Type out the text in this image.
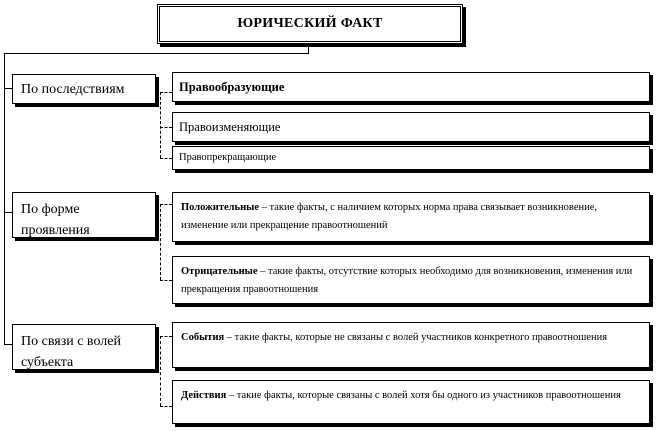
ЮРИЧЕСКИЙ ФАКТ
По последствиям
По форме проявления
По связи с волей субъекта
Правообразующие
Правоизменяющие
Правопрекращающие
Положительные – такие факты, с наличием которых норма права связывает возникновение, изменение или прекращение правоотношений
Отрицательные – такие факты, отсутствие которых необходимо для возникновения, изменения или прекращения правоотношения
События – такие факты, которые не связаны с волей участников конкретного правоотношения
Действия – такие факты, которые связаны с волей хотя бы одного из участников правоотношения
